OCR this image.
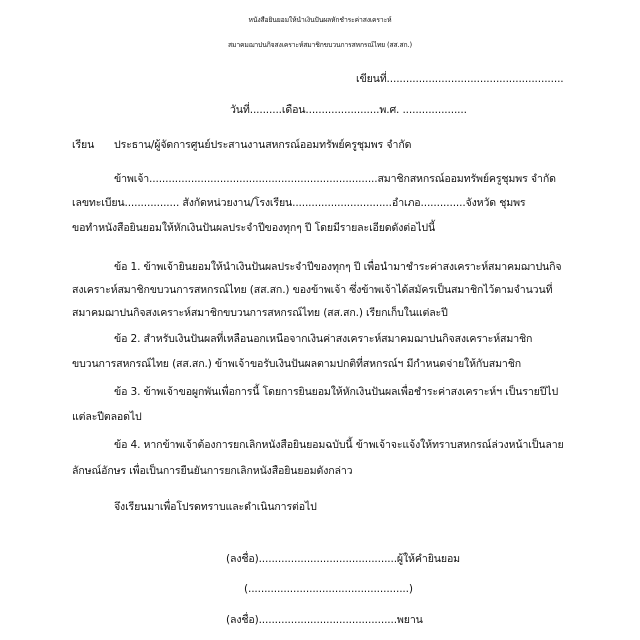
หนังสือยินยอมให้นำเงินปันผลหักชำระค่าสงเคราะห์
สมาคมฌาปนกิจสงเคราะห์สมาชิกขบวนการสหกรณ์ไทย (สส.สก.)
เขียนที่.......................................................
วันที่..........เดือน.......................พ.ศ. ....................
เรียน ประธาน/ผู้จัดการศูนย์ประสานงานสหกรณ์ออมทรัพย์ครูชุมพร จำกัด
ข้าพเจ้า.......................................................................สมาชิกสหกรณ์ออมทรัพย์ครูชุมพร จำกัด
เลขทะเบียน................. สังกัดหน่วยงาน/โรงเรียน...............................อำเภอ..............จังหวัด ชุมพร
ขอทำหนังสือยินยอมให้หักเงินปันผลประจำปีของทุกๆ ปี โดยมีรายละเอียดดังต่อไปนี้
ข้อ 1. ข้าพเจ้ายินยอมให้นำเงินปันผลประจำปีของทุกๆ ปี เพื่อนำมาชำระค่าสงเคราะห์สมาคมฌาปนกิจ
สงเคราะห์สมาชิกขบวนการสหกรณ์ไทย (สส.สก.) ของข้าพเจ้า ซึ่งข้าพเจ้าได้สมัครเป็นสมาชิกไว้ตามจำนวนที่
สมาคมฌาปนกิจสงเคราะห์สมาชิกขบวนการสหกรณ์ไทย (สส.สก.) เรียกเก็บในแต่ละปี
ข้อ 2. สำหรับเงินปันผลที่เหลือนอกเหนือจากเงินค่าสงเคราะห์สมาคมฌาปนกิจสงเคราะห์สมาชิก
ขบวนการสหกรณ์ไทย (สส.สก.) ข้าพเจ้าขอรับเงินปันผลตามปกติที่สหกรณ์ฯ มีกำหนดจ่ายให้กับสมาชิก
ข้อ 3. ข้าพเจ้าขอผูกพันเพื่อการนี้ โดยการยินยอมให้หักเงินปันผลเพื่อชำระค่าสงเคราะห์ฯ เป็นรายปีไป
แต่ละปีตลอดไป
ข้อ 4. หากข้าพเจ้าต้องการยกเลิกหนังสือยินยอมฉบับนี้ ข้าพเจ้าจะแจ้งให้ทราบสหกรณ์ล่วงหน้าเป็นลาย
ลักษณ์อักษร เพื่อเป็นการยืนยันการยกเลิกหนังสือยินยอมดังกล่าว
จึงเรียนมาเพื่อโปรดทราบและดำเนินการต่อไป
(ลงชื่อ)...........................................ผู้ให้คำยินยอม
(..................................................)
(ลงชื่อ)...........................................พยาน
